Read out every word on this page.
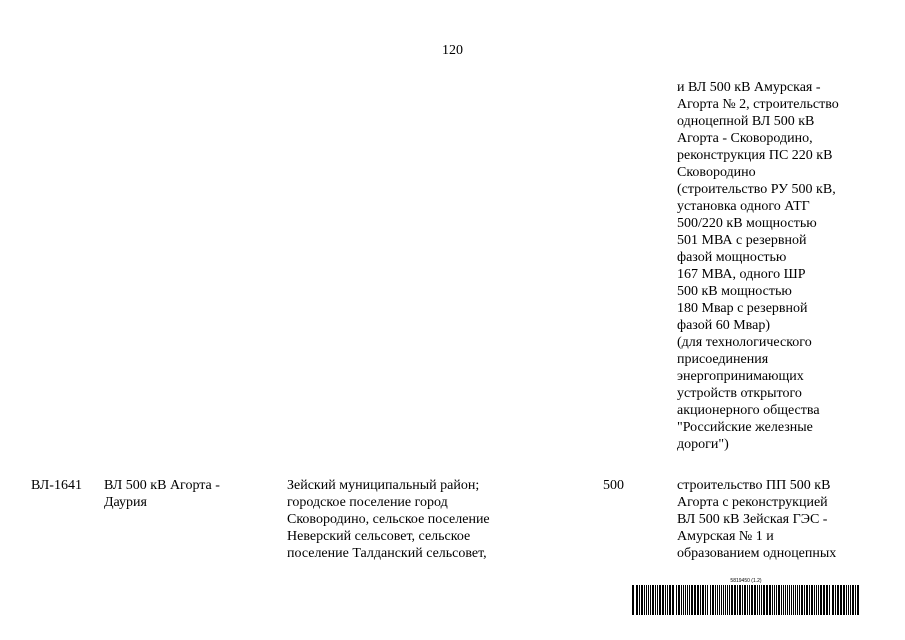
120
и ВЛ 500 кВ Амурская -
Агорта № 2, строительство
одноцепной ВЛ 500 кВ
Агорта - Сковородино,
реконструкция ПС 220 кВ
Сковородино
(строительство РУ 500 кВ,
установка одного АТГ
500/220 кВ мощностью
501 МВА с резервной
фазой мощностью
167 МВА, одного ШР
500 кВ мощностью
180 Мвар с резервной
фазой 60 Мвар)
(для технологического
присоединения
энергопринимающих
устройств открытого
акционерного общества
"Российские железные
дороги")
ВЛ-1641 ВЛ 500 кВ Агорта -
Даурия
Зейский муниципальный район;
городское поселение город
Сковородино, сельское поселение
Неверский сельсовет, сельское
поселение Талданский сельсовет,
500	строительство ПП 500 кВ
Агорта с реконструкцией
ВЛ 500 кВ Зейская ГЭС -
Амурская № 1 и
образованием одноцепных
5819450 (1.2)
